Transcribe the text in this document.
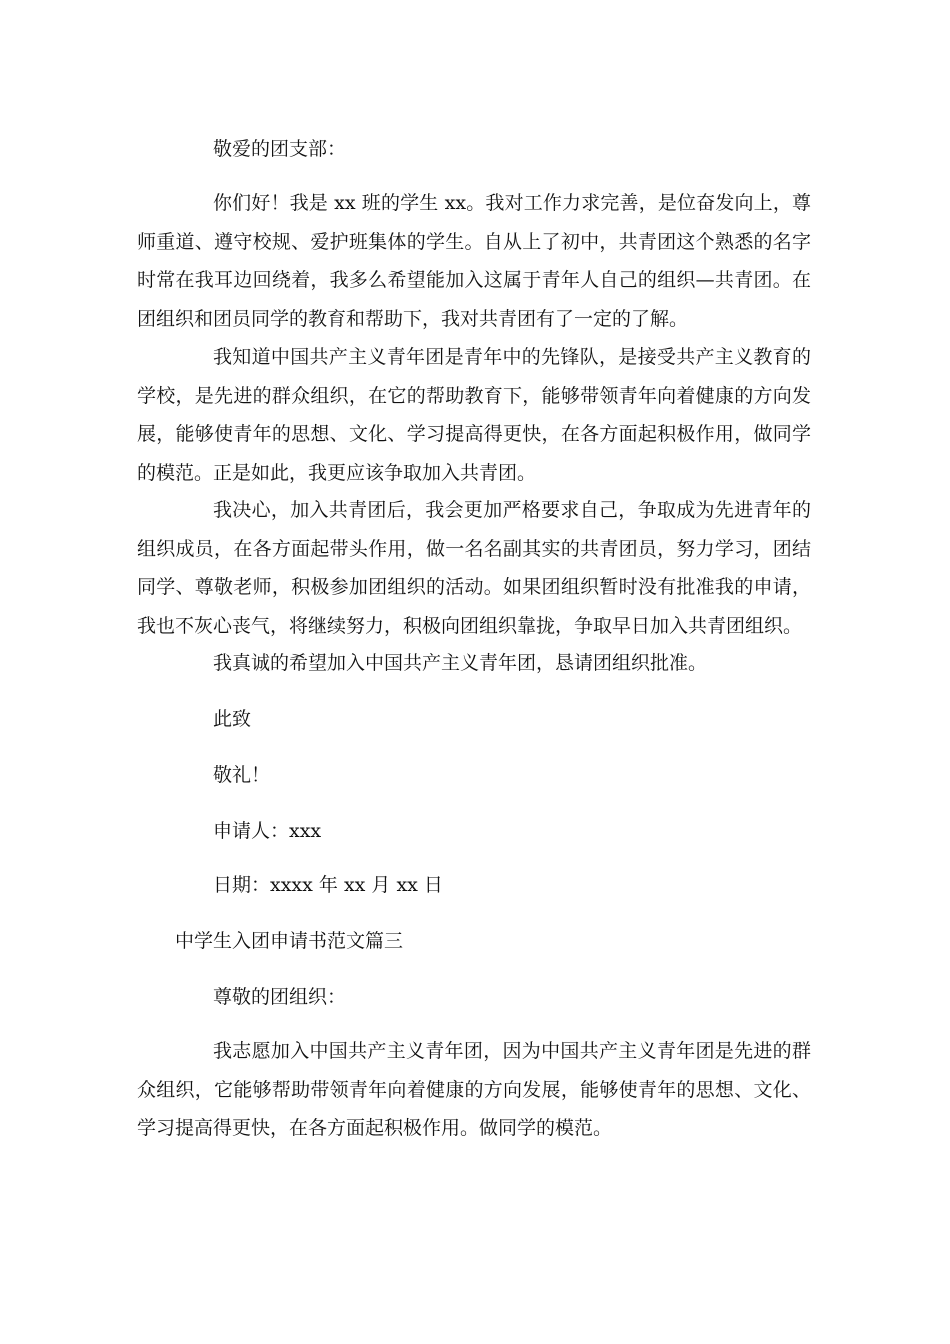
敬爱的团支部：
你们好！我是 xx 班的学生 xx。我对工作力求完善，是位奋发向上，尊师重道、遵守校规、爱护班集体的学生。自从上了初中，共青团这个熟悉的名字时常在我耳边回绕着，我多么希望能加入这属于青年人自己的组织—共青团。在团组织和团员同学的教育和帮助下，我对共青团有了一定的了解。
我知道中国共产主义青年团是青年中的先锋队，是接受共产主义教育的学校，是先进的群众组织，在它的帮助教育下，能够带领青年向着健康的方向发展，能够使青年的思想、文化、学习提高得更快，在各方面起积极作用，做同学的模范。正是如此，我更应该争取加入共青团。
我决心，加入共青团后，我会更加严格要求自己，争取成为先进青年的组织成员，在各方面起带头作用，做一名名副其实的共青团员，努力学习，团结同学、尊敬老师，积极参加团组织的活动。如果团组织暂时没有批准我的申请，我也不灰心丧气，将继续努力，积极向团组织靠拢，争取早日加入共青团组织。
我真诚的希望加入中国共产主义青年团，恳请团组织批准。
此致
敬礼！
申请人：xxx
日期：xxxx 年 xx 月 xx 日
中学生入团申请书范文篇三
尊敬的团组织：
我志愿加入中国共产主义青年团，因为中国共产主义青年团是先进的群众组织，它能够帮助带领青年向着健康的方向发展，能够使青年的思想、文化、学习提高得更快，在各方面起积极作用。做同学的模范。
